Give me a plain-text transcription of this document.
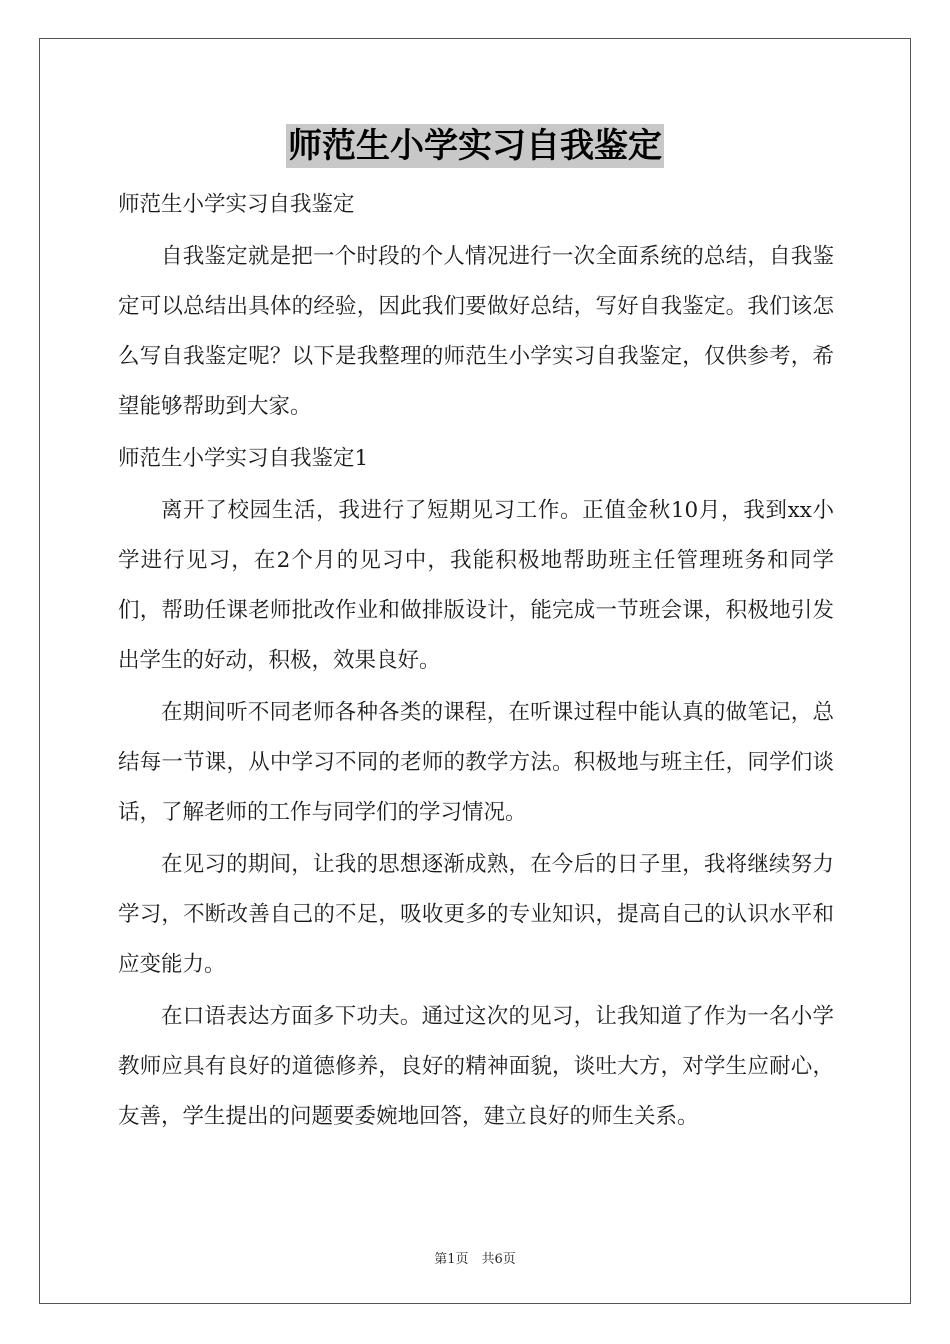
师范生小学实习自我鉴定

师范生小学实习自我鉴定

自我鉴定就是把一个时段的个人情况进行一次全面系统的总结，自我鉴定可以总结出具体的经验，因此我们要做好总结，写好自我鉴定。我们该怎么写自我鉴定呢？以下是我整理的师范生小学实习自我鉴定，仅供参考，希望能够帮助到大家。

师范生小学实习自我鉴定1

离开了校园生活，我进行了短期见习工作。正值金秋10月，我到xx小学进行见习，在2个月的见习中，我能积极地帮助班主任管理班务和同学们，帮助任课老师批改作业和做排版设计，能完成一节班会课，积极地引发出学生的好动，积极，效果良好。

在期间听不同老师各种各类的课程，在听课过程中能认真的做笔记，总结每一节课，从中学习不同的老师的教学方法。积极地与班主任，同学们谈话，了解老师的工作与同学们的学习情况。

在见习的期间，让我的思想逐渐成熟，在今后的日子里，我将继续努力学习，不断改善自己的不足，吸收更多的专业知识，提高自己的认识水平和应变能力。

在口语表达方面多下功夫。通过这次的见习，让我知道了作为一名小学教师应具有良好的道德修养，良好的精神面貌，谈吐大方，对学生应耐心，友善，学生提出的问题要委婉地回答，建立良好的师生关系。

第1页　共6页
